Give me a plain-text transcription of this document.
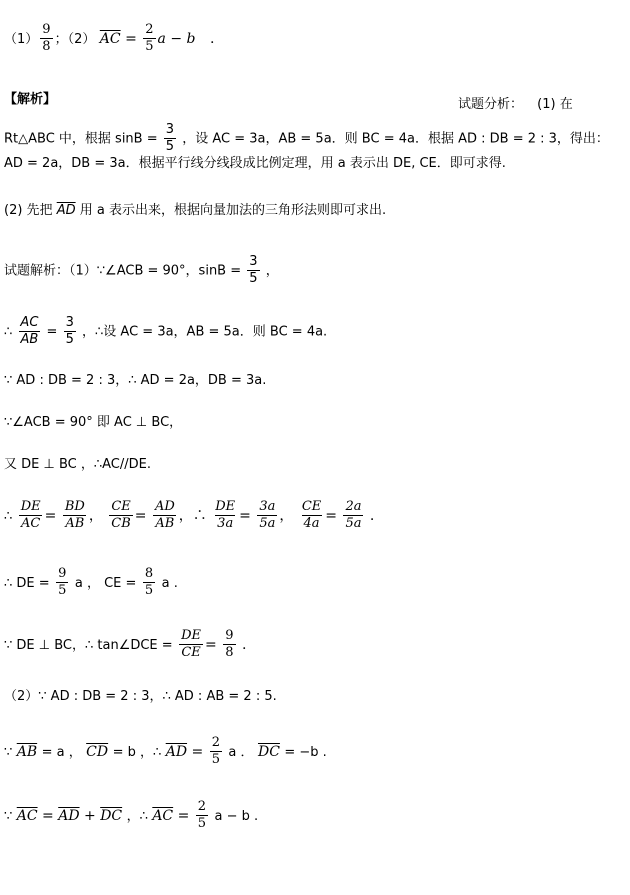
$(1) \frac{9}{8}$ ；（2） $\overline{AC} = \frac{2}{5}$ a − b .
【解析】	试题分析： (1) 在
Rt△ABC 中，根据 $\sin B = \frac{3}{5}$ ，设 AC = 3a，AB = 5a．则 BC = 4a．根据 AD : DB = 2 : 3，得出：
AD = 2a，DB = 3a．根据平行线分线段成比例定理，用 a 表示出 DE, CE．即可求得.
(2) 先把 $\overline{AD}$ 用 a 表示出来，根据向量加法的三角形法则即可求出.
试题解析：（1）∵∠ACB = 90°，$\sin B = \frac{3}{5}$ ，
∴ $\frac{AC}{AB} = \frac{3}{5}$ ，∴设 AC = 3a，AB = 5a．则 BC = 4a.
∵ AD : DB = 2 : 3，∴ AD = 2a，DB = 3a.
∵∠ACB = 90° 即 AC ⊥ BC，
又 DE ⊥ BC ，∴AC//DE.
∴ $\frac{DE}{AC} = \frac{BD}{AB}$ ， $\frac{CE}{CB} = \frac{AD}{AB}$ ，∴ $\frac{DE}{3a} = \frac{3a}{5a}$ ， $\frac{CE}{4a} = \frac{2a}{5a}$ .
∴ DE = $\frac{9}{5}$ a ， CE = $\frac{8}{5}$ a .
∵ DE ⊥ BC，∴ tan∠DCE = $\frac{DE}{CE} = \frac{9}{8}$ .
（2）∵ AD : DB = 2 : 3，∴ AD : AB = 2 : 5.
∵ $\overline{AB} = a$ ， $\overline{CD} = b$ ，∴ $\overline{AD} = \frac{2}{5}$ a ． $\overline{DC} = -b$ .
∵ $\overline{AC} = \overline{AD} + \overline{DC}$ ，∴ $\overline{AC} = \frac{2}{5}$ a − b .
